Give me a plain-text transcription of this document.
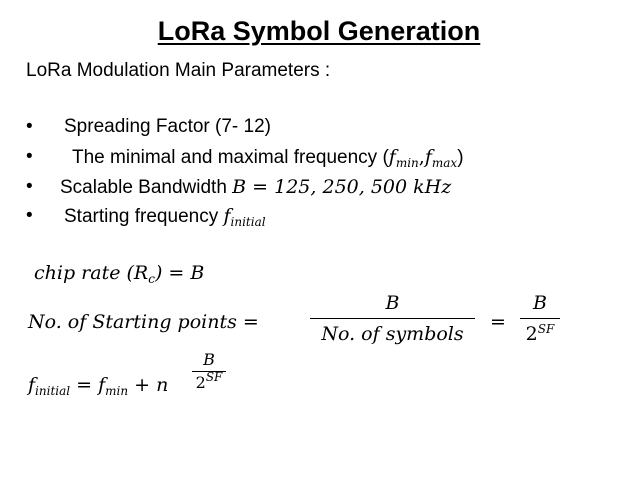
LoRa Symbol Generation
LoRa Modulation Main Parameters :
• Spreading Factor (7- 12)
• The minimal and maximal frequency $(f_{min},f_{max})$
• Scalable Bandwidth B = 125, 250, 500 kHz
• Starting frequency $f_{initial}$
chip rate $(R_c) = B$
No. of Starting points =
B
No. of symbols
=
B
$2^{SF}$
$f_{initial} = f_{min} + n$
B
$2^{SF}$
